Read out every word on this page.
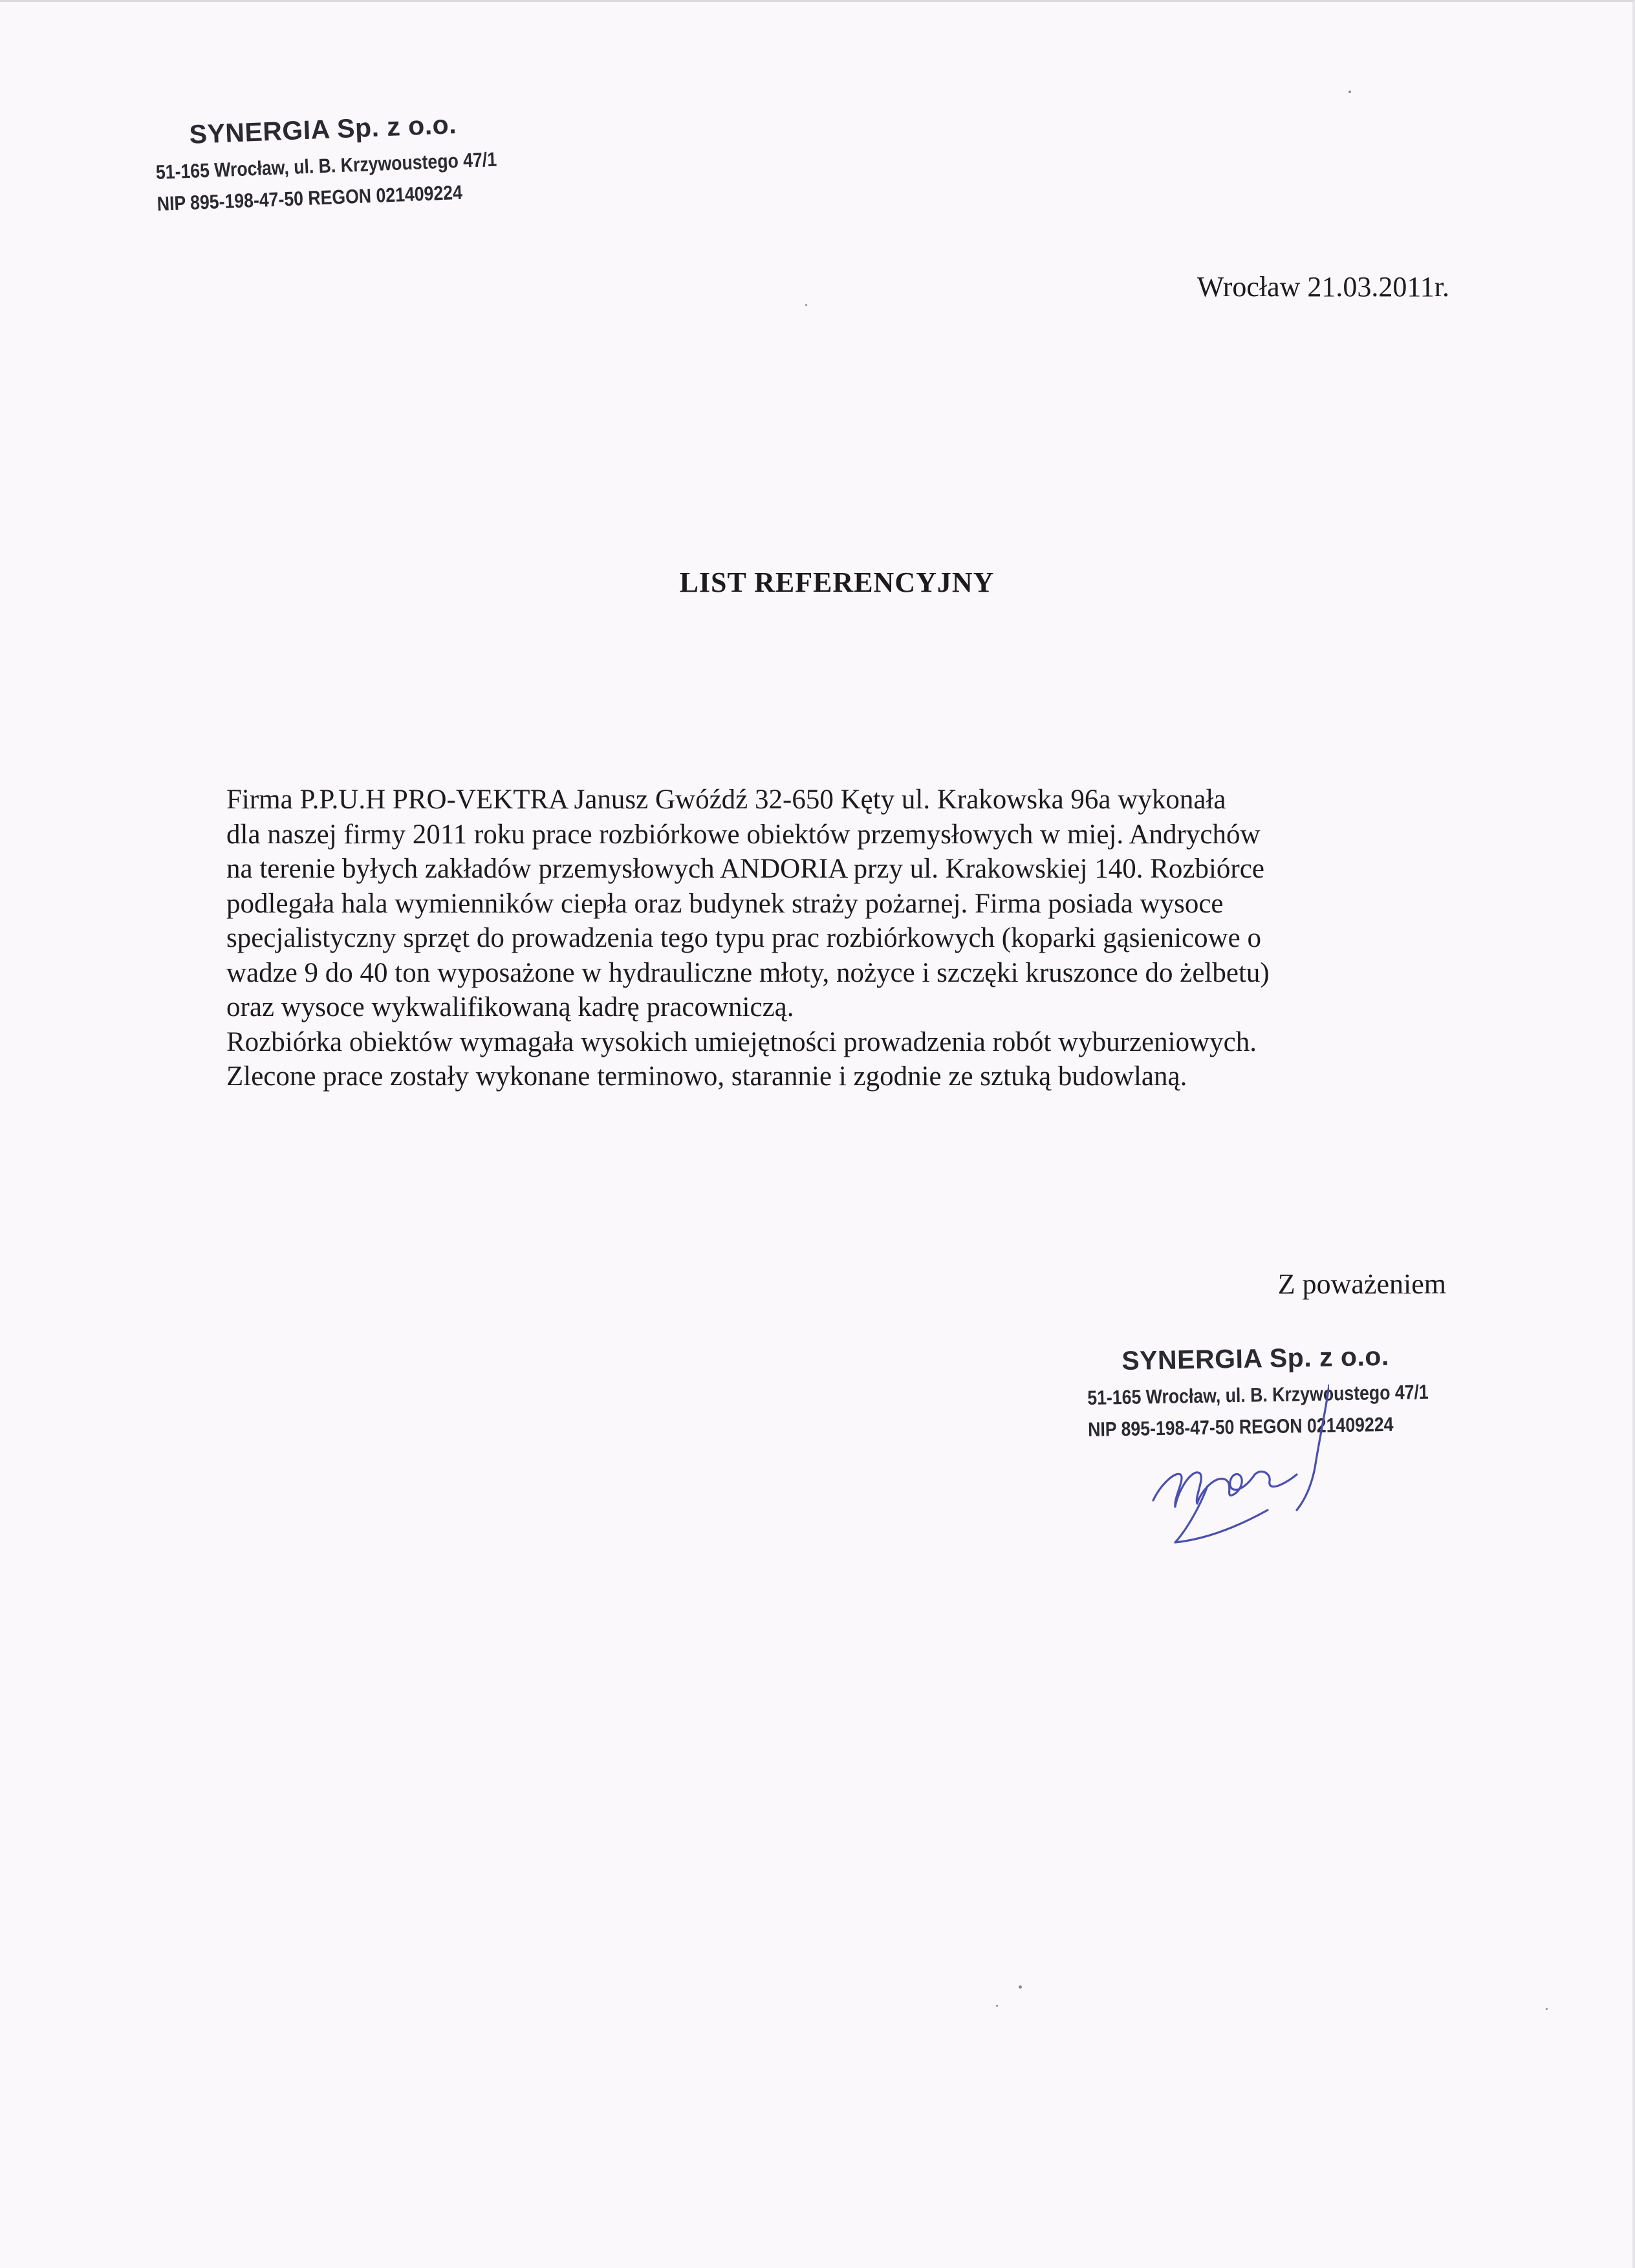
SYNERGIA Sp. z o.o.
51-165 Wrocław, ul. B. Krzywoustego 47/1
NIP 895-198-47-50 REGON 021409224
Wrocław 21.03.2011r.
LIST REFERENCYJNY
Firma P.P.U.H PRO-VEKTRA Janusz Gwóźdź 32-650 Kęty ul. Krakowska 96a wykonała
dla naszej firmy 2011 roku prace rozbiórkowe obiektów przemysłowych w miej. Andrychów
na terenie byłych zakładów przemysłowych ANDORIA przy ul. Krakowskiej 140. Rozbiórce
podlegała hala wymienników ciepła oraz budynek straży pożarnej. Firma posiada wysoce
specjalistyczny sprzęt do prowadzenia tego typu prac rozbiórkowych (koparki gąsienicowe o
wadze 9 do 40 ton wyposażone w hydrauliczne młoty, nożyce i szczęki kruszonce do żelbetu)
oraz wysoce wykwalifikowaną kadrę pracowniczą.
Rozbiórka obiektów wymagała wysokich umiejętności prowadzenia robót wyburzeniowych.
Zlecone prace zostały wykonane terminowo, starannie i zgodnie ze sztuką budowlaną.
Z poważeniem
SYNERGIA Sp. z o.o.
51-165 Wrocław, ul. B. Krzywoustego 47/1
NIP 895-198-47-50 REGON 021409224
